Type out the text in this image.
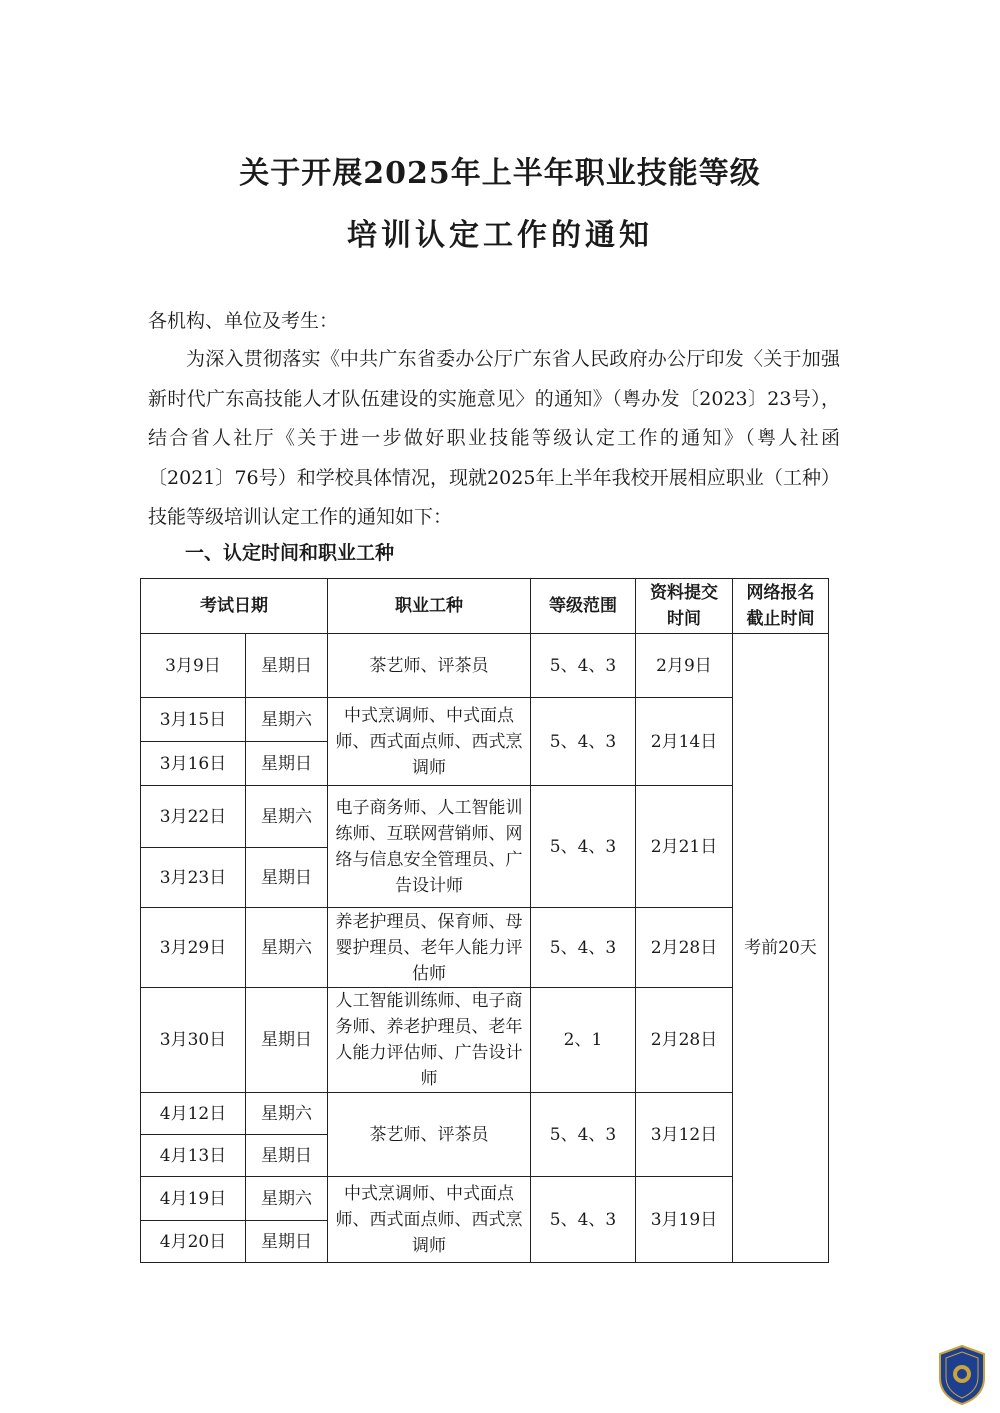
关于开展2025年上半年职业技能等级
培训认定工作的通知
各机构、单位及考生：

为深入贯彻落实《中共广东省委办公厅广东省人民政府办公厅印发〈关于加强新时代广东高技能人才队伍建设的实施意见〉的通知》（粤办发〔2023〕23号），结合省人社厅《关于进一步做好职业技能等级认定工作的通知》（粤人社函〔2021〕76号）和学校具体情况，现就2025年上半年我校开展相应职业（工种）技能等级培训认定工作的通知如下：

一、认定时间和职业工种
考试日期		职业工种	等级范围	资料提交时间	网络报名截止时间
3月9日	星期日	茶艺师、评茶员	5、4、3	2月9日	考前20天
3月15日	星期六	中式烹调师、中式面点师、西式面点师、西式烹调师	5、4、3	2月14日	
3月16日	星期日				
3月22日	星期六	电子商务师、人工智能训练师、互联网营销师、网络与信息安全管理员、广告设计师	5、4、3	2月21日	
3月23日	星期日				
3月29日	星期六	养老护理员、保育师、母婴护理员、老年人能力评估师	5、4、3	2月28日	
3月30日	星期日	人工智能训练师、电子商务师、养老护理员、老年人能力评估师、广告设计师	2、1	2月28日	
4月12日	星期六	茶艺师、评茶员	5、4、3	3月12日	
4月13日	星期日				
4月19日	星期六	中式烹调师、中式面点师、西式面点师、西式烹调师	5、4、3	3月19日	
4月20日	星期日				
